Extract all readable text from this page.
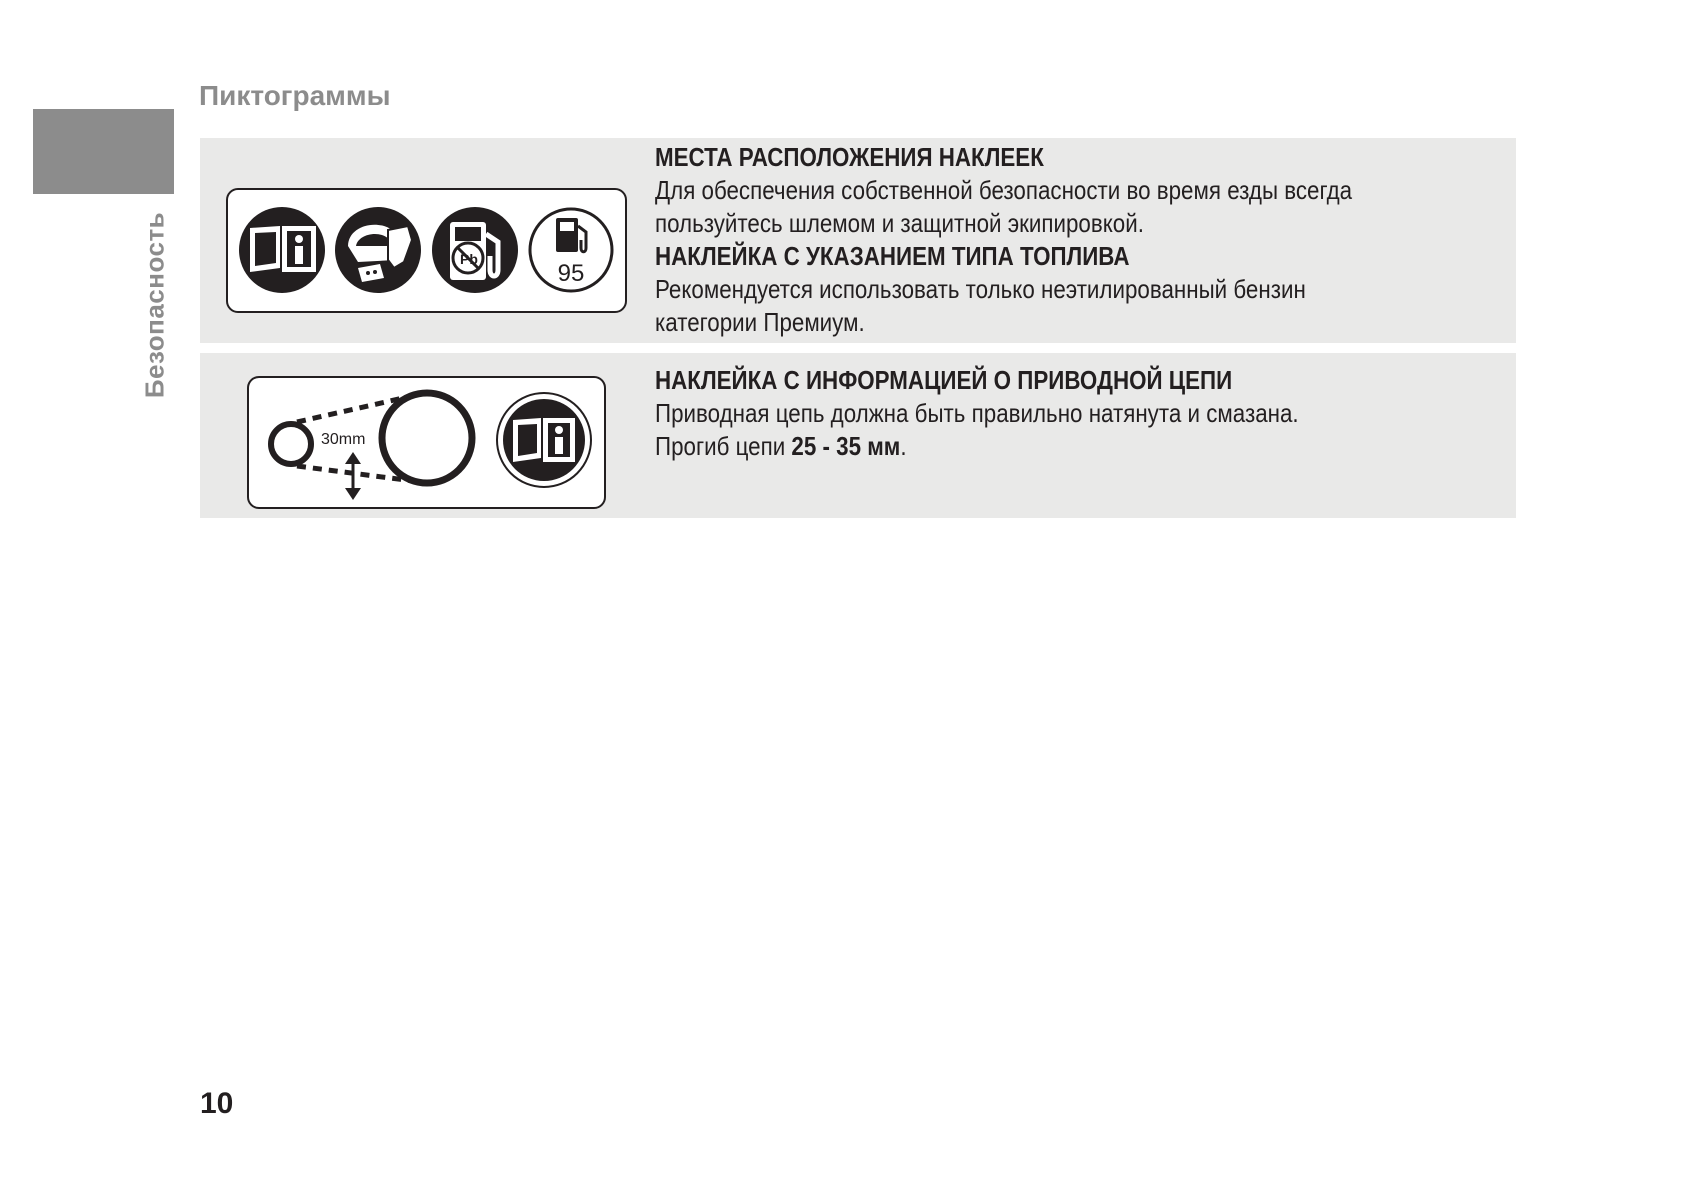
Безопасность
Пиктограммы
Pb
95
МЕСТА РАСПОЛОЖЕНИЯ НАКЛЕЕК

Для обеспечения собственной безопасности во время езды всегда

пользуйтесь шлемом и защитной экипировкой.

НАКЛЕЙКА С УКАЗАНИЕМ ТИПА ТОПЛИВА

Рекомендуется использовать только неэтилированный бензин

категории Премиум.

30mm
НАКЛЕЙКА С ИНФОРМАЦИЕЙ О ПРИВОДНОЙ ЦЕПИ

Приводная цепь должна быть правильно натянута и смазана.

Прогиб цепи 25 - 35 мм.

10
